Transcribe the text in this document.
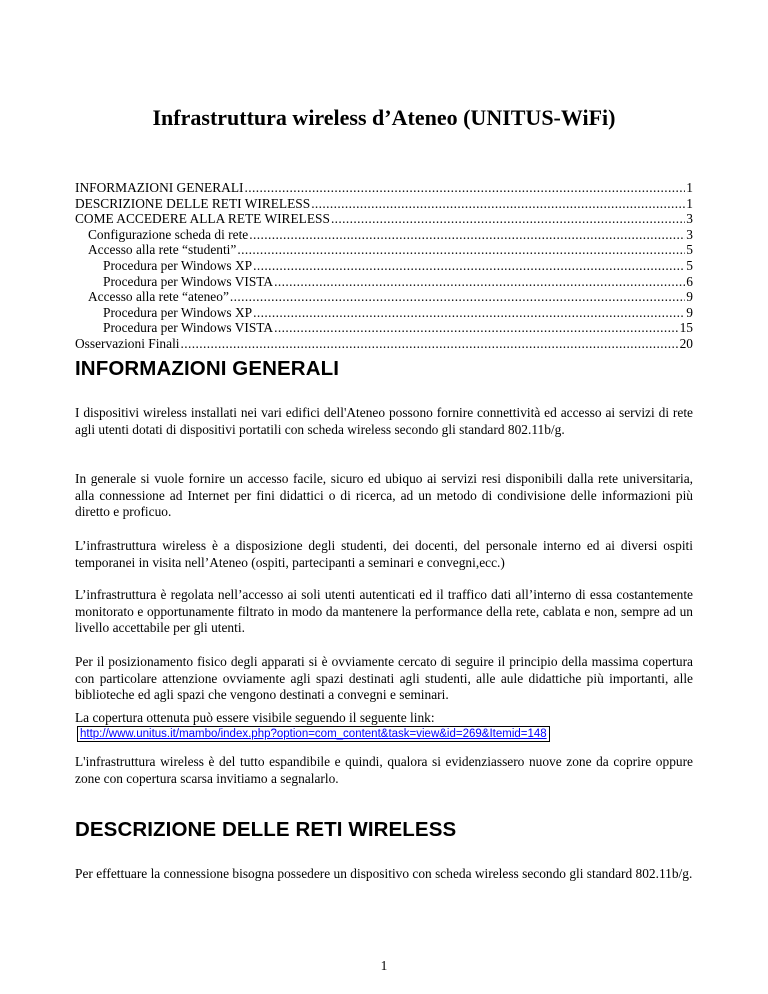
Infrastruttura wireless d’Ateneo (UNITUS-WiFi)
INFORMAZIONI GENERALI .....	1
DESCRIZIONE DELLE RETI WIRELESS .....	1
COME ACCEDERE ALLA RETE WIRELESS .....	3
Configurazione scheda di rete .....	3
Accesso alla rete “studenti” .....	5
Procedura per Windows XP .....	5
Procedura per Windows VISTA .....	6
Accesso alla rete “ateneo” .....	9
Procedura per Windows XP .....	9
Procedura per Windows VISTA .....	15
Osservazioni Finali .....	20
INFORMAZIONI GENERALI
I dispositivi wireless installati nei vari edifici dell'Ateneo possono fornire connettività ed accesso ai servizi di rete agli utenti dotati di dispositivi portatili con scheda wireless secondo gli standard 802.11b/g.
In generale si vuole fornire un accesso facile, sicuro ed ubiquo ai servizi resi disponibili dalla rete universitaria, alla connessione ad Internet per fini didattici o di ricerca, ad un metodo di condivisione delle informazioni più diretto e proficuo.
L’infrastruttura wireless è a disposizione degli studenti, dei docenti, del personale interno ed ai diversi ospiti temporanei in visita nell’Ateneo (ospiti, partecipanti a seminari e convegni,ecc.)
L’infrastruttura è regolata nell’accesso ai soli utenti autenticati ed il traffico dati all’interno di essa costantemente monitorato e opportunamente filtrato in modo da mantenere la performance della rete, cablata e non, sempre ad un livello accettabile per gli utenti.
Per il posizionamento fisico degli apparati si è ovviamente cercato di seguire il principio della massima copertura con particolare attenzione ovviamente agli spazi destinati agli studenti, alle aule didattiche più importanti, alle biblioteche ed agli spazi che vengono destinati a convegni e seminari.
La copertura ottenuta può essere visibile seguendo il seguente link:
http://www.unitus.it/mambo/index.php?option=com_content&task=view&id=269&Itemid=148
L'infrastruttura wireless è del tutto espandibile e quindi, qualora si evidenziassero nuove zone da coprire oppure zone con copertura scarsa invitiamo a segnalarlo.
DESCRIZIONE DELLE RETI WIRELESS
Per effettuare la connessione bisogna possedere un dispositivo con scheda wireless secondo gli standard 802.11b/g.
1
